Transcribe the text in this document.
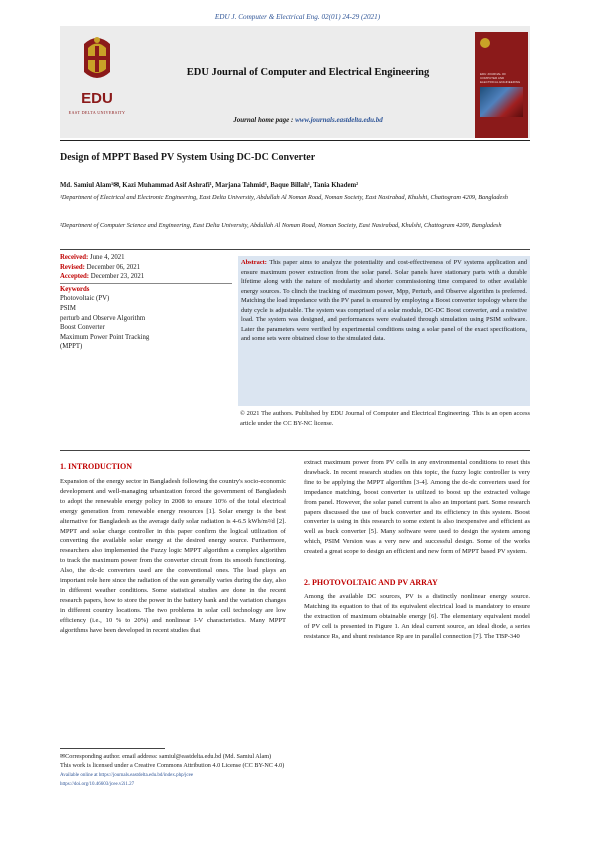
EDU J. Computer & Electrical Eng. 02(01) 24-29 (2021)
EDU
EAST DELTA UNIVERSITY
EDU Journal of Computer and Electrical Engineering
Journal home page : www.journals.eastdelta.edu.bd
EDU JOURNAL OF COMPUTER AND ELECTRICAL ENGINEERING
Design of MPPT Based PV System Using DC-DC Converter
Md. Samiul Alam¹✉, Kazi Muhammad Asif Ashrafi¹, Marjana Tahmid¹, Baque Billah¹, Tania Khadem²
¹Department of Electrical and Electronic Engineering, East Delta University, Abdullah Al Noman Road, Noman Society, East Nasirabad, Khulshi, Chattogram 4209, Bangladesh
²Department of Computer Science and Engineering, East Delta University, Abdullah Al Noman Road, Noman Society, East Nasirabad, Khulshi, Chattogram 4209, Bangladesh
Received: June 4, 2021
Revised: December 06, 2021
Accepted: December 23, 2021
Keywords
Photovoltaic (PV)
PSIM
perturb and Observe Algorithm
Boost Converter
Maximum Power Point Tracking
(MPPT)
Abstract: This paper aims to analyze the potentiality and cost-effectiveness of PV systems application and ensure maximum power extraction from the solar panel. Solar panels have stationary parts with a durable lifetime along with the nature of modularity and shorter commissioning time compared to other available energy sources. To clinch the tracking of maximum power, Mpp, Perturb, and Observe algorithm is preferred. Matching the load impedance with the PV panel is ensured by employing a Boost converter topology where the duty cycle is adjustable. The system was comprised of a solar module, DC-DC Boost converter, and a resistive load. The system was designed, and performances were evaluated through simulation using PSIM software. Later the parameters were verified by experimental conditions using a solar panel of the exact specifications, and some sets were obtained close to the simulated data.
© 2021 The authors. Published by EDU Journal of Computer and Electrical Engineering. This is an open access article under the CC BY-NC license.
1. INTRODUCTION
Expansion of the energy sector in Bangladesh following the country's socio-economic development and well-managing urbanization forced the government of Bangladesh to adopt the renewable energy policy in 2008 to ensure 10% of the total electrical energy generation from renewable energy resources [1]. Solar energy is the best alternative for Bangladesh as the average daily solar radiation is 4-6.5 kWh/m²/d [2]. MPPT and solar charge controller in this paper confirm the logical utilization of converting the available solar energy at the desired energy source. Furthermore, researchers also implemented the Fuzzy logic MPPT algorithm a complex algorithm to track the maximum power from the converter circuit from its smooth functioning. Also, the dc-dc converters used are the conventional ones. The load plays an important role here since the radiation of the sun generally varies during the day, also in different weather conditions. Some statistical studies are done in the recent research papers, how to store the power in the battery bank and the variation changes in different country locations. The two problems in solar cell technology are low efficiency (i.e., 10 % to 20%) and nonlinear I-V characteristics. Many MPPT algorithms have been developed in recent studies that
extract maximum power from PV cells in any environmental conditions to reset this drawback. In recent research studies on this topic, the fuzzy logic controller is very fine to be applying the MPPT algorithm [3-4]. Among the dc-dc converters used for impedance matching, boost converter is utilized to boost up the extracted voltage from panel. However, the solar panel current is also an important part. Some research papers discussed the use of buck converter and its efficiency in this system. Boost converter is using in this research to some extent is also inexpensive and efficient as well as buck converter [5]. Many software were used to design the system among which, PSIM Version was a very new and successful design. Some of the works created a great scope to design an efficient and new form of MPPT based PV system.
2. PHOTOVOLTAIC AND PV ARRAY
Among the available DC sources, PV is a distinctly nonlinear energy source. Matching its equation to that of its equivalent electrical load is mandatory to ensure the extraction of maximum obtainable energy [6]. The elementary equivalent model of PV cell is presented in Figure 1. An ideal current source, an ideal diode, a series resistance Rs, and shunt resistance Rp are in parallel connection [7]. The TBP-340
✉Corresponding author. email address: samiul@eastdelta.edu.bd (Md. Samiul Alam)
This work is licensed under a Creative Commons Attribution 4.0 License (CC BY-NC 4.0)
Available online at https://journals.eastdelta.edu.bd/index.php/jcee
https://doi.org/10.46603/jcee.v2i1.27
